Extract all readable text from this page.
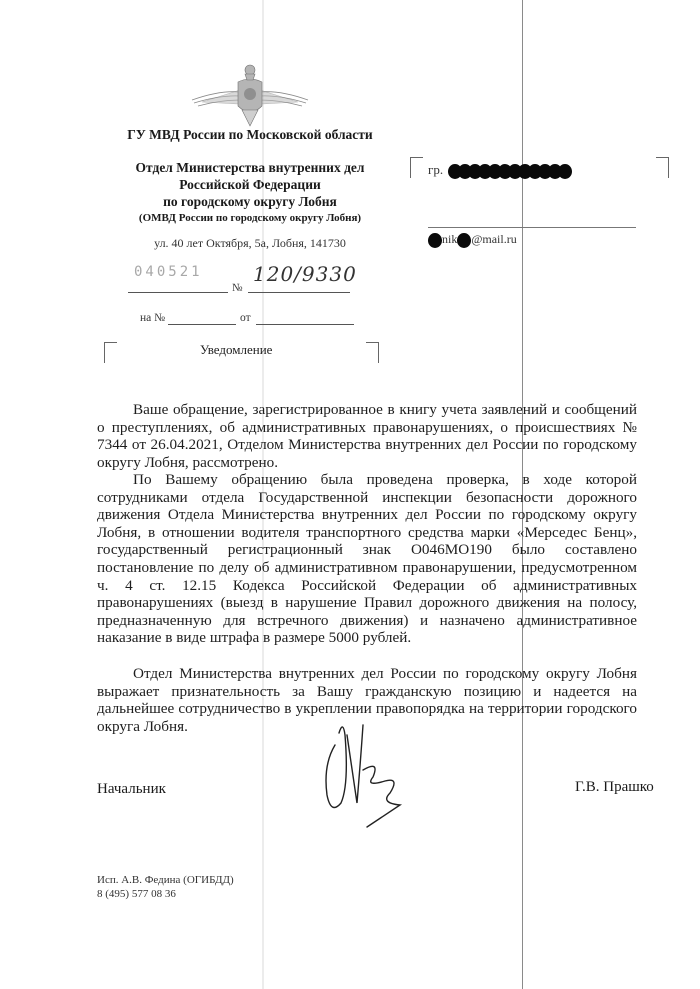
ГУ МВД России по Московской области
Отдел Министерства внутренних дел
Российской Федерации
по городскому округу Лобня
(ОМВД России по городскому округу Лобня)
ул. 40 лет Октября, 5а, Лобня, 141730
040521
№
120/9330
на №	от
Уведомление
гр.
nik @mail.ru

Ваше обращение, зарегистрированное в книгу учета заявлений и сообщений о преступлениях, об административных правонарушениях, о происшествиях № 7344 от 26.04.2021, Отделом Министерства внутренних дел России по городскому округу Лобня, рассмотрено.

По Вашему обращению была проведена проверка, в ходе которой сотрудниками отдела Государственной инспекции безопасности дорожного движения Отдела Министерства внутренних дел России по городскому округу Лобня, в отношении водителя транспортного средства марки «Мерседес Бенц», государственный регистрационный знак О046МО190 было составлено постановление по делу об административном правонарушении, предусмотренном ч. 4 ст. 12.15 Кодекса Российской Федерации об административных правонарушениях (выезд в нарушение Правил дорожного движения на полосу, предназначенную для встречного движения) и назначено административное наказание в виде штрафа в размере 5000 рублей.

Отдел Министерства внутренних дел России по городскому округу Лобня выражает признательность за Вашу гражданскую позицию и надеется на дальнейшее сотрудничество в укреплении правопорядка на территории городского округа Лобня.

Начальник	Г.В. Прашко
Исп. А.В. Федина (ОГИБДД)
8 (495) 577 08 36
